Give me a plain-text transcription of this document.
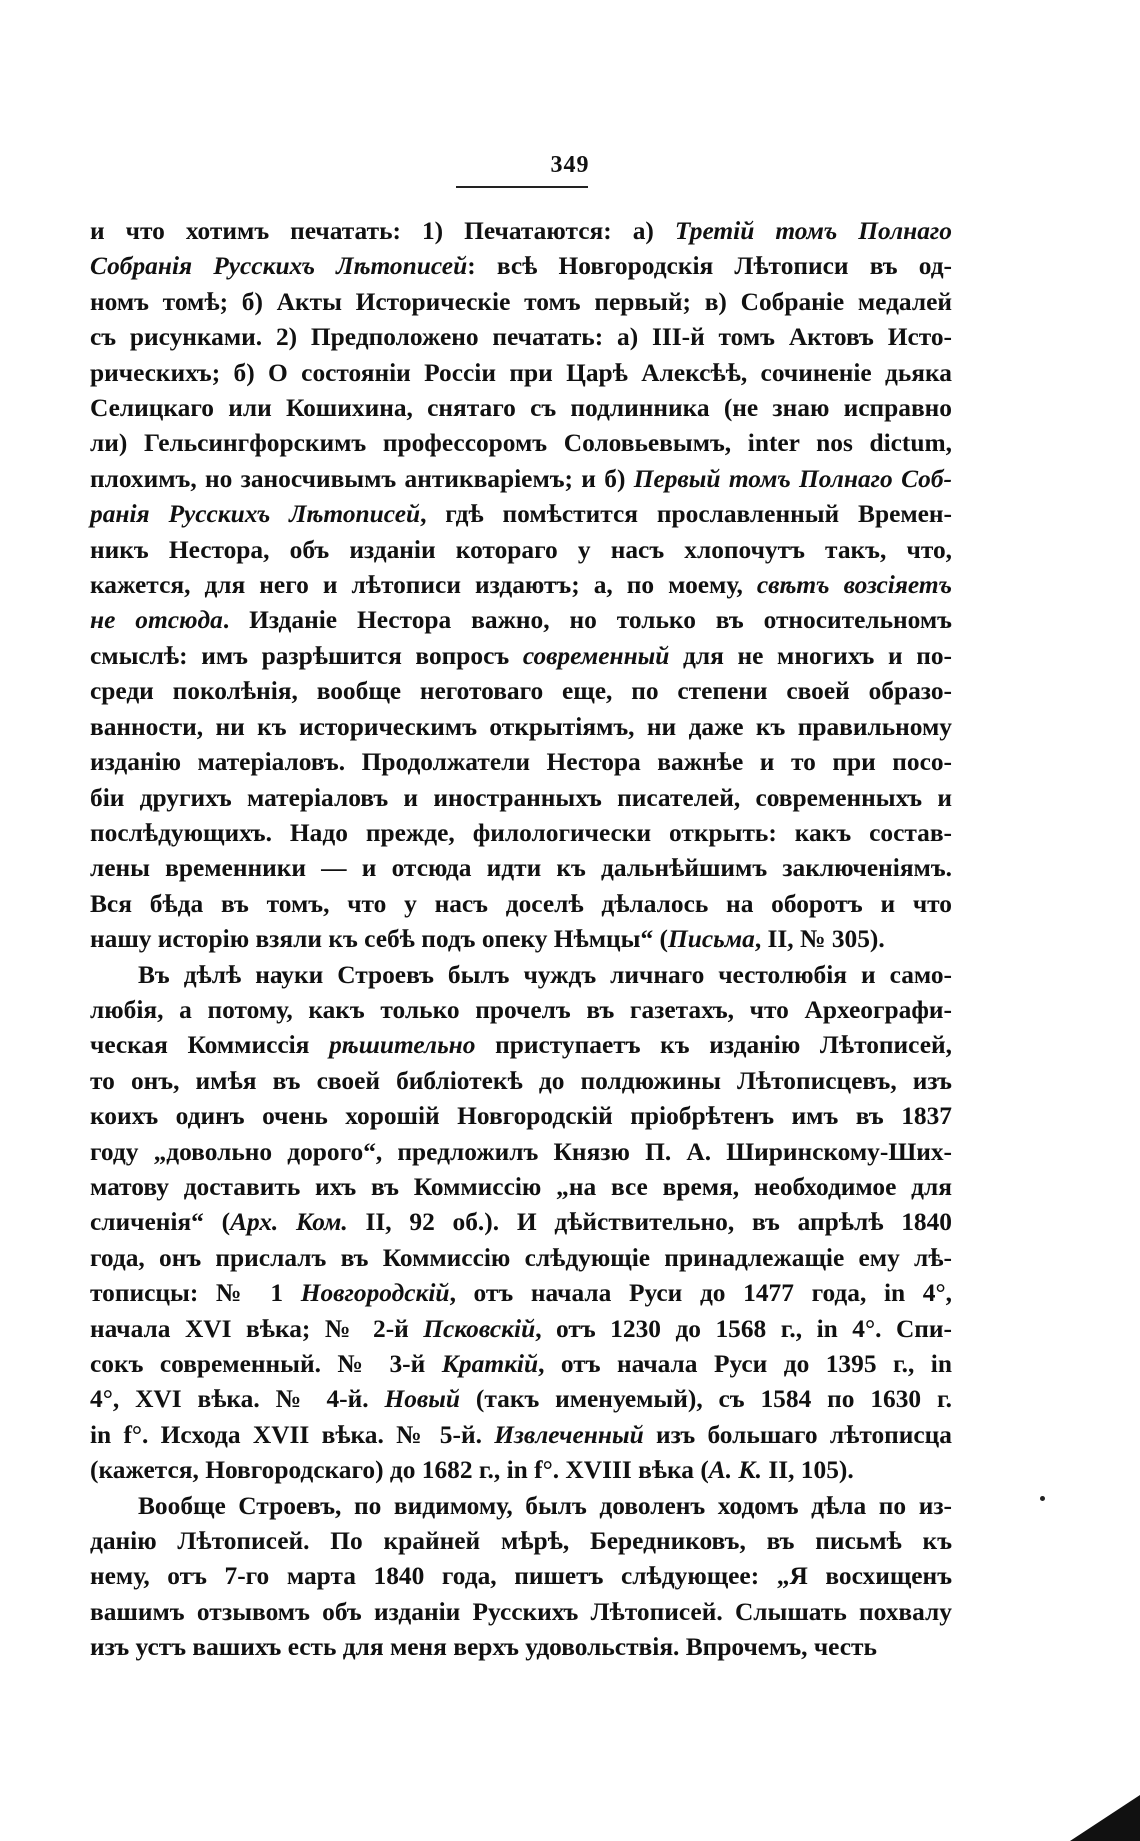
349
и что хотимъ печатать: 1) Печатаются: а) Третій томъ Полнаго
Собранія Русскихъ Лѣтописей: всѣ Новгородскія Лѣтописи въ од-
номъ томѣ; б) Акты Историческіе томъ первый; в) Собраніе медалей
съ рисунками. 2) Предположено печатать: а) III-й томъ Актовъ Исто-
рическихъ; б) О состояніи Россіи при Царѣ Алексѣѣ, сочиненіе дьяка
Селицкаго или Кошихина, снятаго съ подлинника (не знаю исправно
ли) Гельсингфорскимъ профессоромъ Соловьевымъ, inter nos dictum,
плохимъ, но заносчивымъ антикваріемъ; и б) Первый томъ Полнаго Соб-
ранія Русскихъ Лѣтописей, гдѣ помѣстится прославленный Времен-
никъ Нестора, объ изданіи котораго у насъ хлопочутъ такъ, что,
кажется, для него и лѣтописи издаютъ; а, по моему, свѣтъ возсіяетъ
не отсюда. Изданіе Нестора важно, но только въ относительномъ
смыслѣ: имъ разрѣшится вопросъ современный для не многихъ и по-
среди поколѣнія, вообще неготоваго еще, по степени своей образо-
ванности, ни къ историческимъ открытіямъ, ни даже къ правильному
изданію матеріаловъ. Продолжатели Нестора важнѣе и то при посо-
біи другихъ матеріаловъ и иностранныхъ писателей, современныхъ и
послѣдующихъ. Надо прежде, филологически открыть: какъ состав-
лены временники — и отсюда идти къ дальнѣйшимъ заключеніямъ.
Вся бѣда въ томъ, что у насъ доселѣ дѣлалось на оборотъ и что
нашу исторію взяли къ себѣ подъ опеку Нѣмцы“ (Письма, II, № 305).
Въ дѣлѣ науки Строевъ былъ чуждъ личнаго честолюбія и само-
любія, а потому, какъ только прочелъ въ газетахъ, что Археографи-
ческая Коммиссія рѣшительно приступаетъ къ изданію Лѣтописей,
то онъ, имѣя въ своей библіотекѣ до полдюжины Лѣтописцевъ, изъ
коихъ одинъ очень хорошій Новгородскій пріобрѣтенъ имъ въ 1837
году „довольно дорого“, предложилъ Князю П. А. Ширинскому-Ших-
матову доставить ихъ въ Коммиссію „на все время, необходимое для
сличенія“ (Арх. Ком. II, 92 об.). И дѣйствительно, въ апрѣлѣ 1840
года, онъ прислалъ въ Коммиссію слѣдующіе принадлежащіе ему лѣ-
тописцы: № 1 Новгородскій, отъ начала Руси до 1477 года, in 4°,
начала XVI вѣка; № 2-й Псковскій, отъ 1230 до 1568 г., in 4°. Спи-
сокъ современный. № 3-й Краткій, отъ начала Руси до 1395 г., in
4°, XVI вѣка. № 4-й. Новый (такъ именуемый), съ 1584 по 1630 г.
in f°. Исхода XVII вѣка. № 5-й. Извлеченный изъ большаго лѣтописца
(кажется, Новгородскаго) до 1682 г., in f°. XVIII вѣка (А. К. II, 105).
Вообще Строевъ, по видимому, былъ доволенъ ходомъ дѣла по из-
данію Лѣтописей. По крайней мѣрѣ, Бередниковъ, въ письмѣ къ
нему, отъ 7-го марта 1840 года, пишетъ слѣдующее: „Я восхищенъ
вашимъ отзывомъ объ изданіи Русскихъ Лѣтописей. Слышать похвалу
изъ устъ вашихъ есть для меня верхъ удовольствія. Впрочемъ, честь
